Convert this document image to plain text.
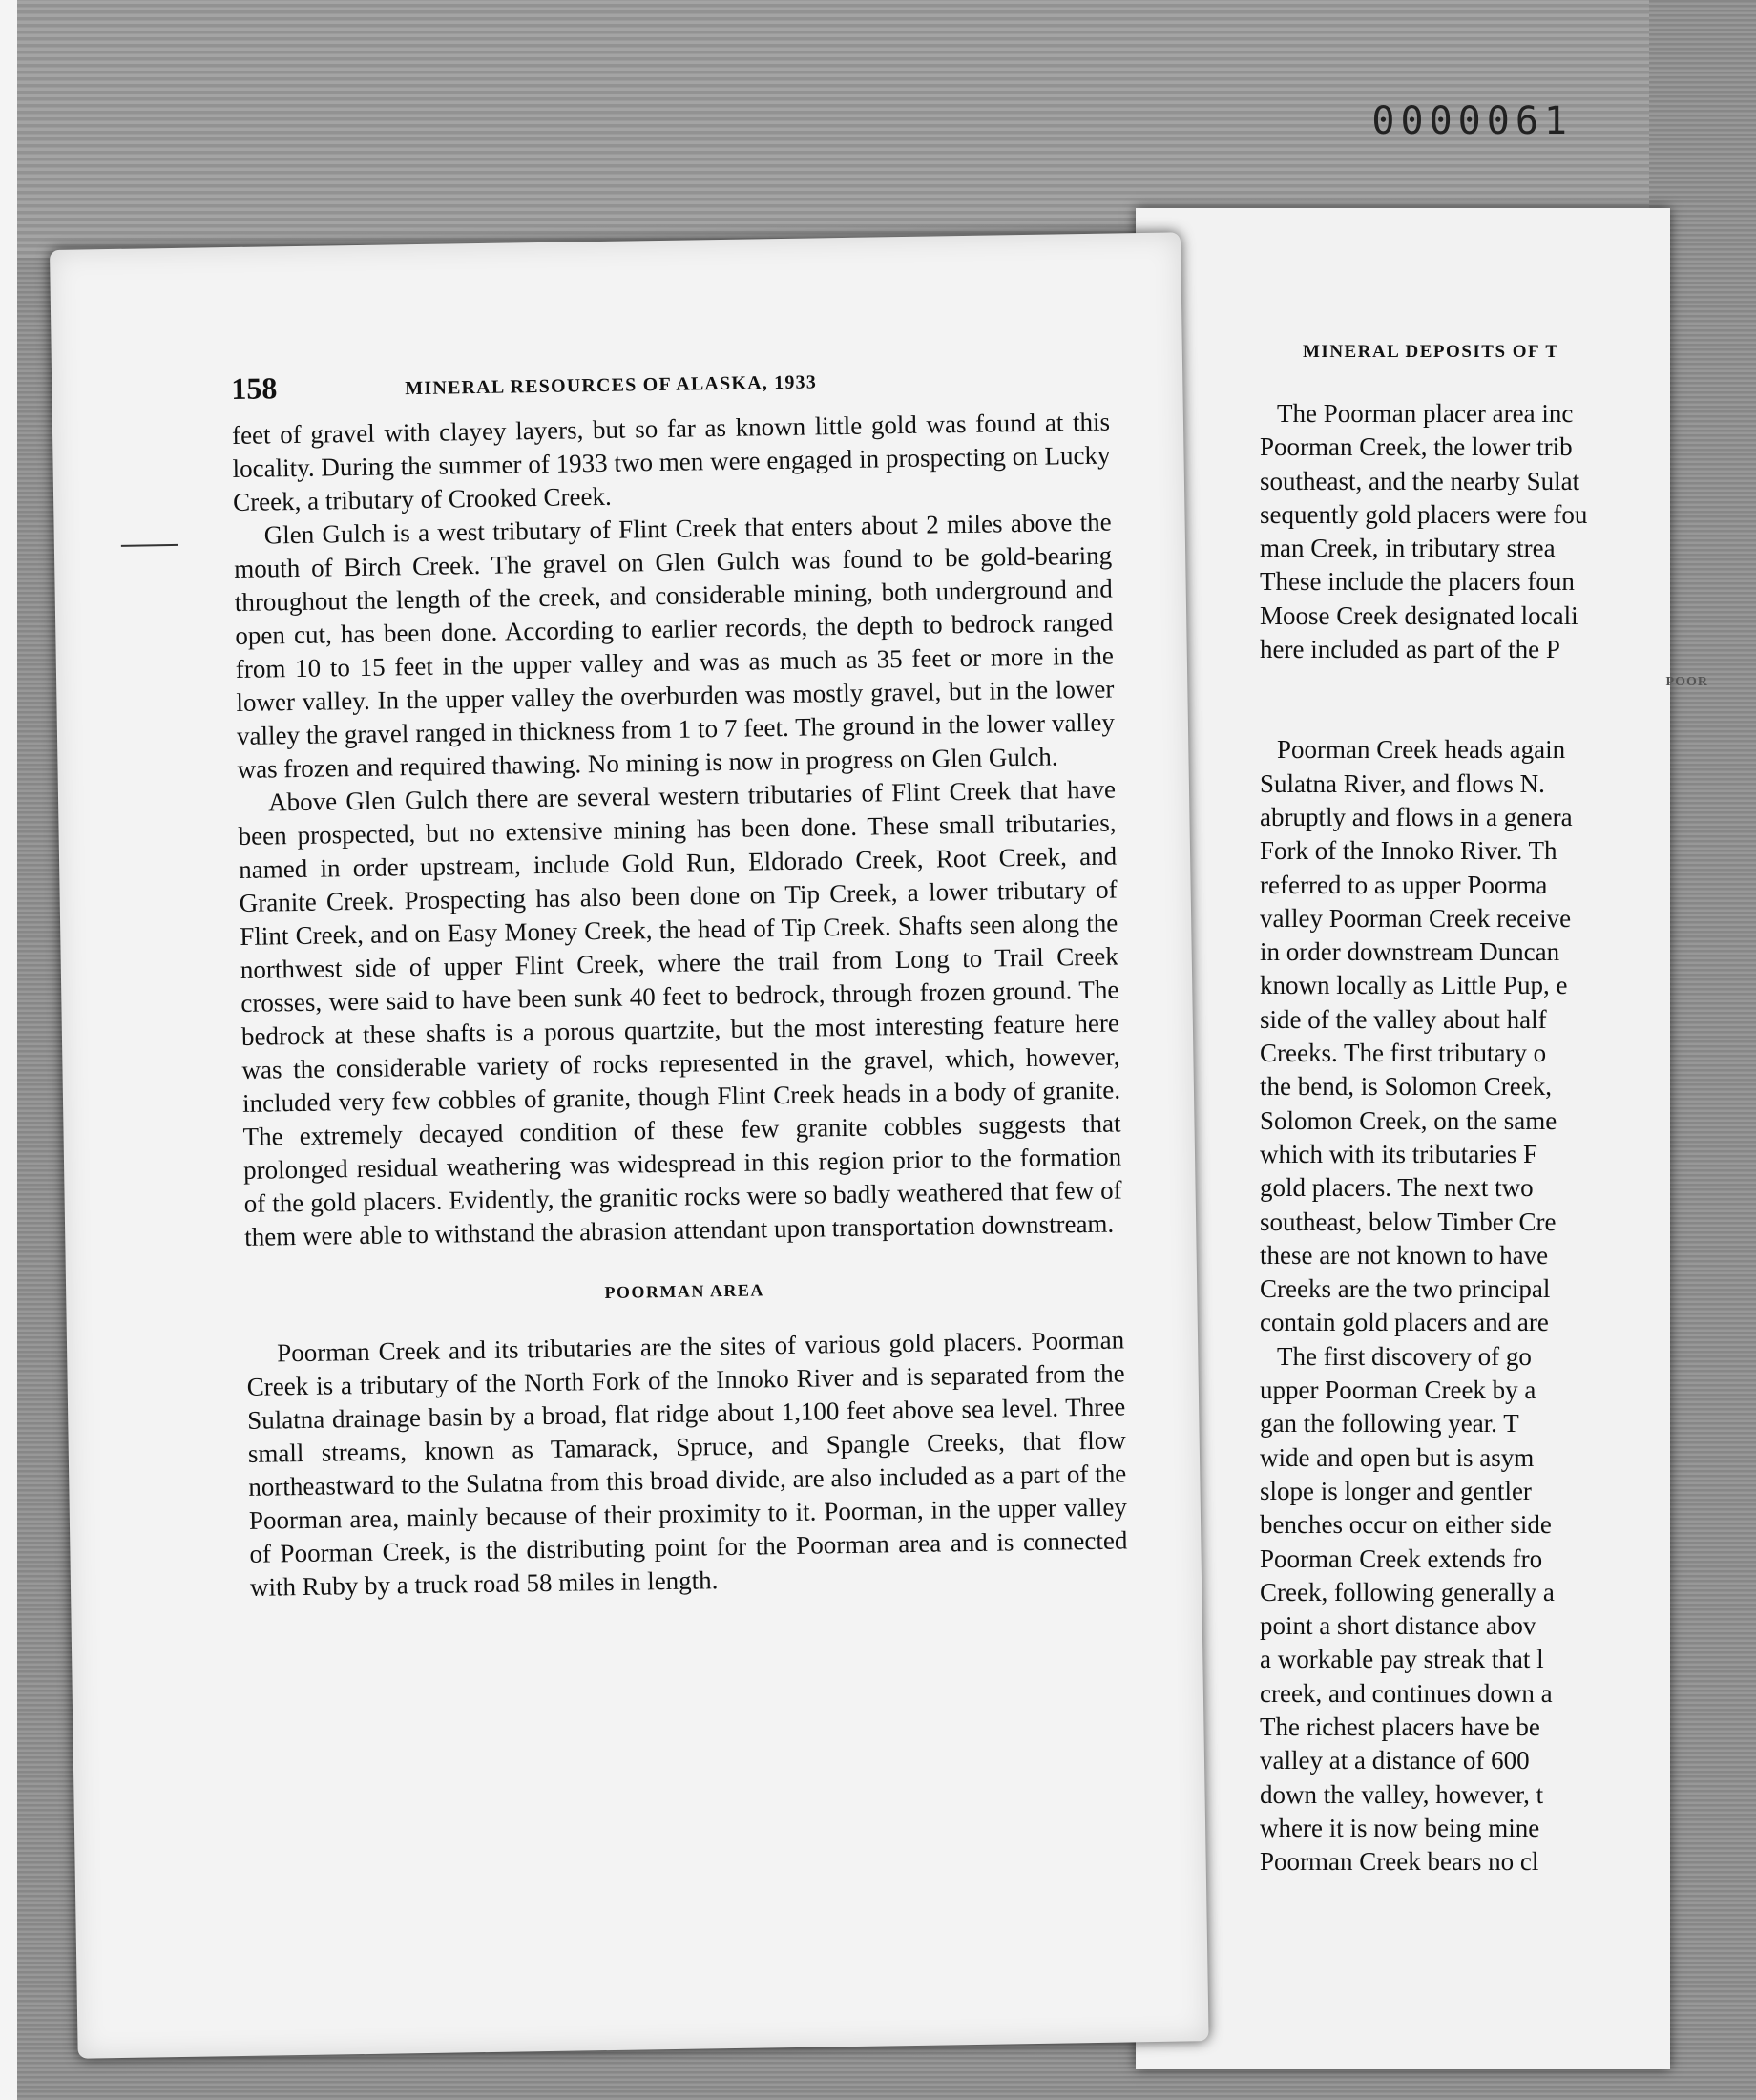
0000061
MINERAL DEPOSITS OF T
The Poorman placer area inc
Poorman Creek, the lower trib
southeast, and the nearby Sulat
sequently gold placers were fou
man Creek, in tributary strea
These include the placers foun
Moose Creek designated locali
here included as part of the P
POOR
Poorman Creek heads again
Sulatna River, and flows N.
abruptly and flows in a genera
Fork of the Innoko River. Th
referred to as upper Poorma
valley Poorman Creek receive
in order downstream Duncan
known locally as Little Pup, e
side of the valley about half
Creeks. The first tributary o
the bend, is Solomon Creek,
Solomon Creek, on the same
which with its tributaries F
gold placers. The next two
southeast, below Timber Cre
these are not known to have
Creeks are the two principal
contain gold placers and are
The first discovery of go
upper Poorman Creek by a
gan the following year. T
wide and open but is asym
slope is longer and gentler
benches occur on either side
Poorman Creek extends fro
Creek, following generally a
point a short distance abov
a workable pay streak that l
creek, and continues down a
The richest placers have be
valley at a distance of 600
down the valley, however, t
where it is now being mine
Poorman Creek bears no cl
158	MINERAL RESOURCES OF ALASKA, 1933

feet of gravel with clayey layers, but so far as known little gold was found at this locality. During the summer of 1933 two men were engaged in prospecting on Lucky Creek, a tributary of Crooked Creek.

Glen Gulch is a west tributary of Flint Creek that enters about 2 miles above the mouth of Birch Creek. The gravel on Glen Gulch was found to be gold-bearing throughout the length of the creek, and considerable mining, both underground and open cut, has been done. According to earlier records, the depth to bedrock ranged from 10 to 15 feet in the upper valley and was as much as 35 feet or more in the lower valley. In the upper valley the overburden was mostly gravel, but in the lower valley the gravel ranged in thickness from 1 to 7 feet. The ground in the lower valley was frozen and required thawing. No mining is now in progress on Glen Gulch.

Above Glen Gulch there are several western tributaries of Flint Creek that have been prospected, but no extensive mining has been done. These small tributaries, named in order upstream, include Gold Run, Eldorado Creek, Root Creek, and Granite Creek. Prospecting has also been done on Tip Creek, a lower tributary of Flint Creek, and on Easy Money Creek, the head of Tip Creek. Shafts seen along the northwest side of upper Flint Creek, where the trail from Long to Trail Creek crosses, were said to have been sunk 40 feet to bedrock, through frozen ground. The bedrock at these shafts is a porous quartzite, but the most interesting feature here was the considerable variety of rocks represented in the gravel, which, however, included very few cobbles of granite, though Flint Creek heads in a body of granite. The extremely decayed condition of these few granite cobbles suggests that prolonged residual weathering was widespread in this region prior to the formation of the gold placers. Evidently, the granitic rocks were so badly weathered that few of them were able to withstand the abrasion attendant upon transportation downstream.

POORMAN AREA

Poorman Creek and its tributaries are the sites of various gold placers. Poorman Creek is a tributary of the North Fork of the Innoko River and is separated from the Sulatna drainage basin by a broad, flat ridge about 1,100 feet above sea level. Three small streams, known as Tamarack, Spruce, and Spangle Creeks, that flow northeastward to the Sulatna from this broad divide, are also included as a part of the Poorman area, mainly because of their proximity to it. Poorman, in the upper valley of Poorman Creek, is the distributing point for the Poorman area and is connected with Ruby by a truck road 58 miles in length.
